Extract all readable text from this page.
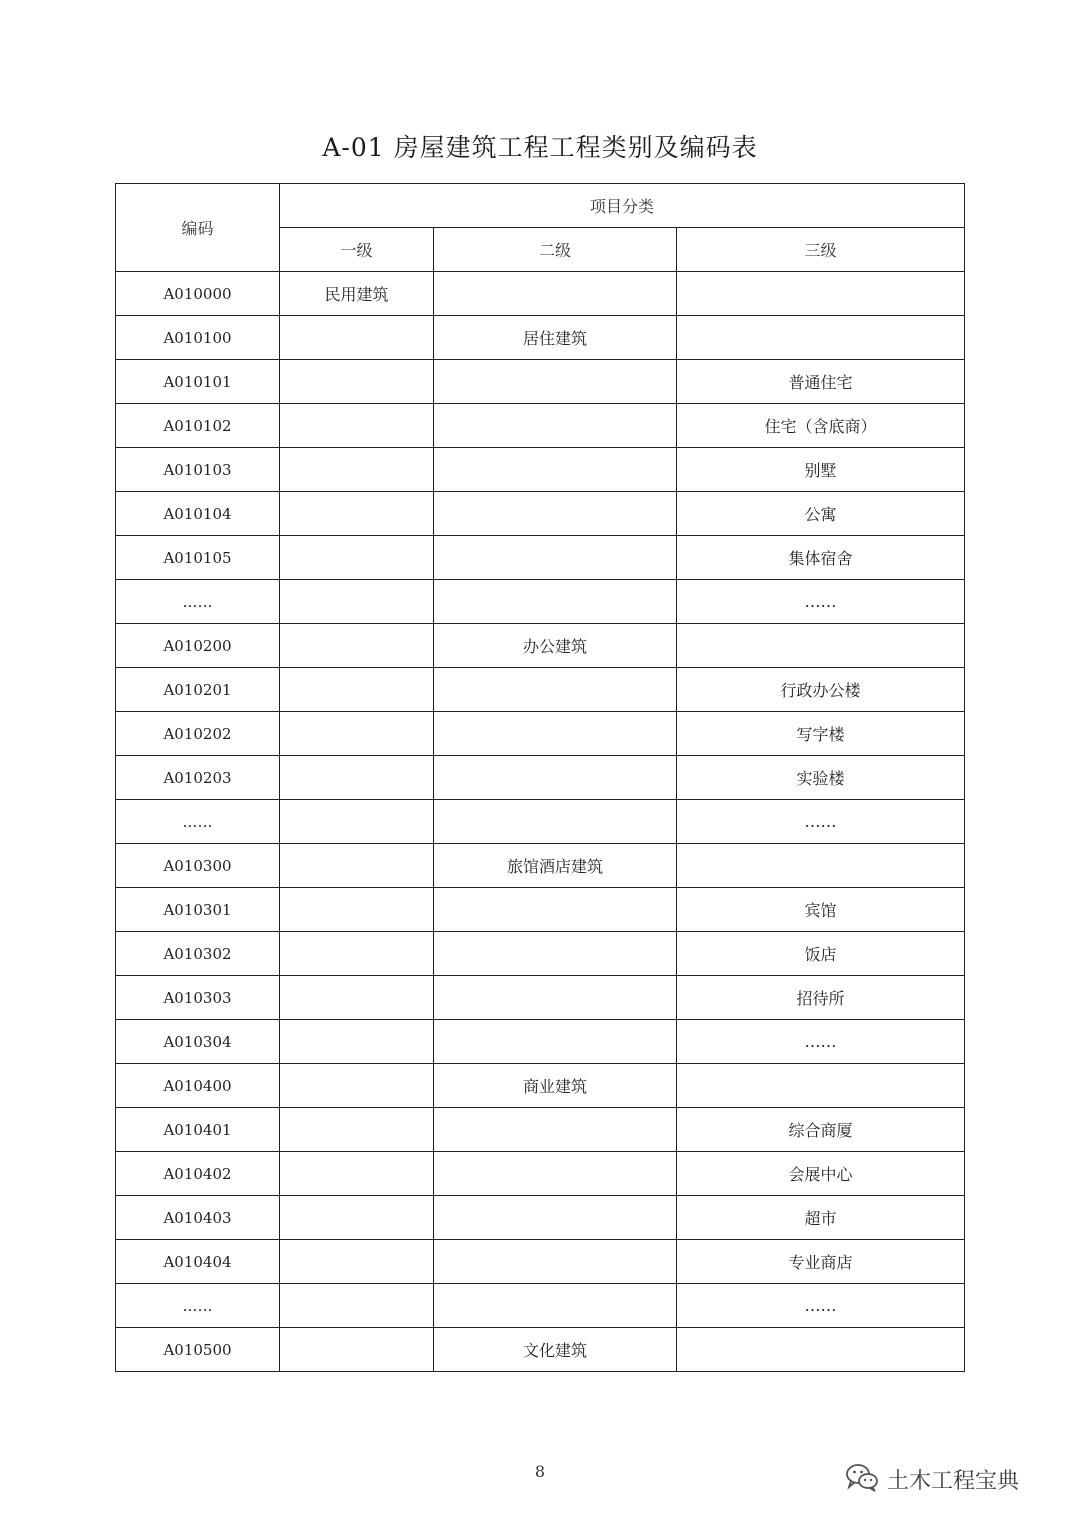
A-01 房屋建筑工程工程类别及编码表
编码	项目分类		
	一级	二级	三级
A010000	民用建筑		
A010100		居住建筑	
A010101			普通住宅
A010102			住宅（含底商）
A010103			别墅
A010104			公寓
A010105			集体宿舍
……			……
A010200		办公建筑	
A010201			行政办公楼
A010202			写字楼
A010203			实验楼
……			……
A010300		旅馆酒店建筑	
A010301			宾馆
A010302			饭店
A010303			招待所
A010304			……
A010400		商业建筑	
A010401			综合商厦
A010402			会展中心
A010403			超市
A010404			专业商店
……			……
A010500		文化建筑	
8	土木工程宝典
